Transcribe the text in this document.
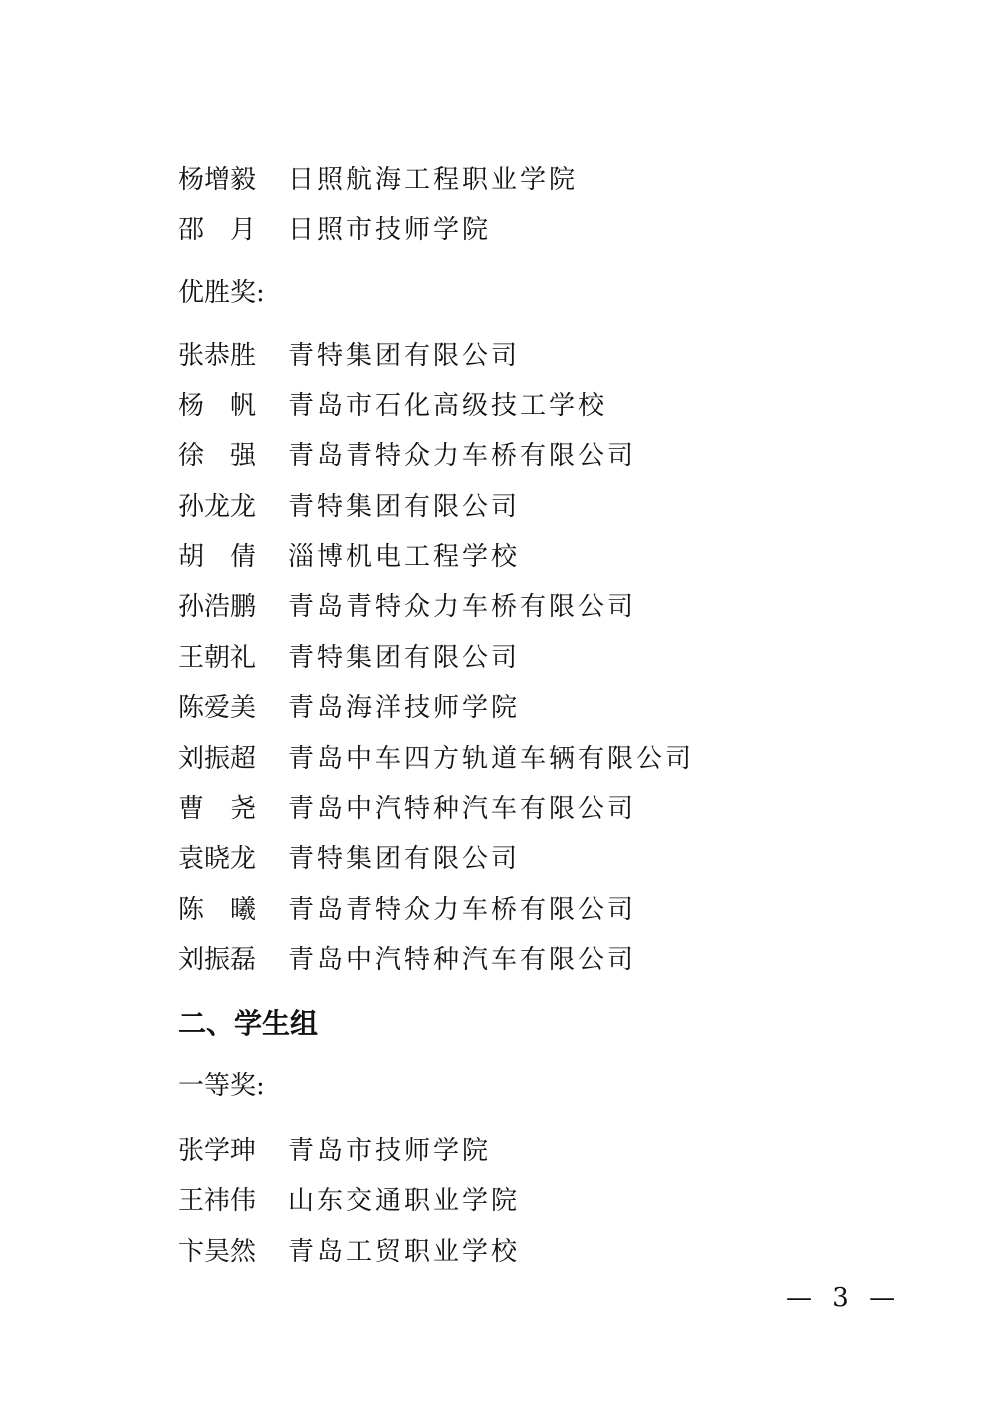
杨增毅 日照航海工程职业学院
邵　月 日照市技师学院
优胜奖:
张恭胜 青特集团有限公司
杨　帆 青岛市石化高级技工学校
徐　强 青岛青特众力车桥有限公司
孙龙龙 青特集团有限公司
胡　倩 淄博机电工程学校
孙浩鹏 青岛青特众力车桥有限公司
王朝礼 青特集团有限公司
陈爱美 青岛海洋技师学院
刘振超 青岛中车四方轨道车辆有限公司
曹　尧 青岛中汽特种汽车有限公司
袁晓龙 青特集团有限公司
陈　曦 青岛青特众力车桥有限公司
刘振磊 青岛中汽特种汽车有限公司
二、学生组
一等奖:
张学珅 青岛市技师学院
王祎伟 山东交通职业学院
卞昊然 青岛工贸职业学校
— 3 —
